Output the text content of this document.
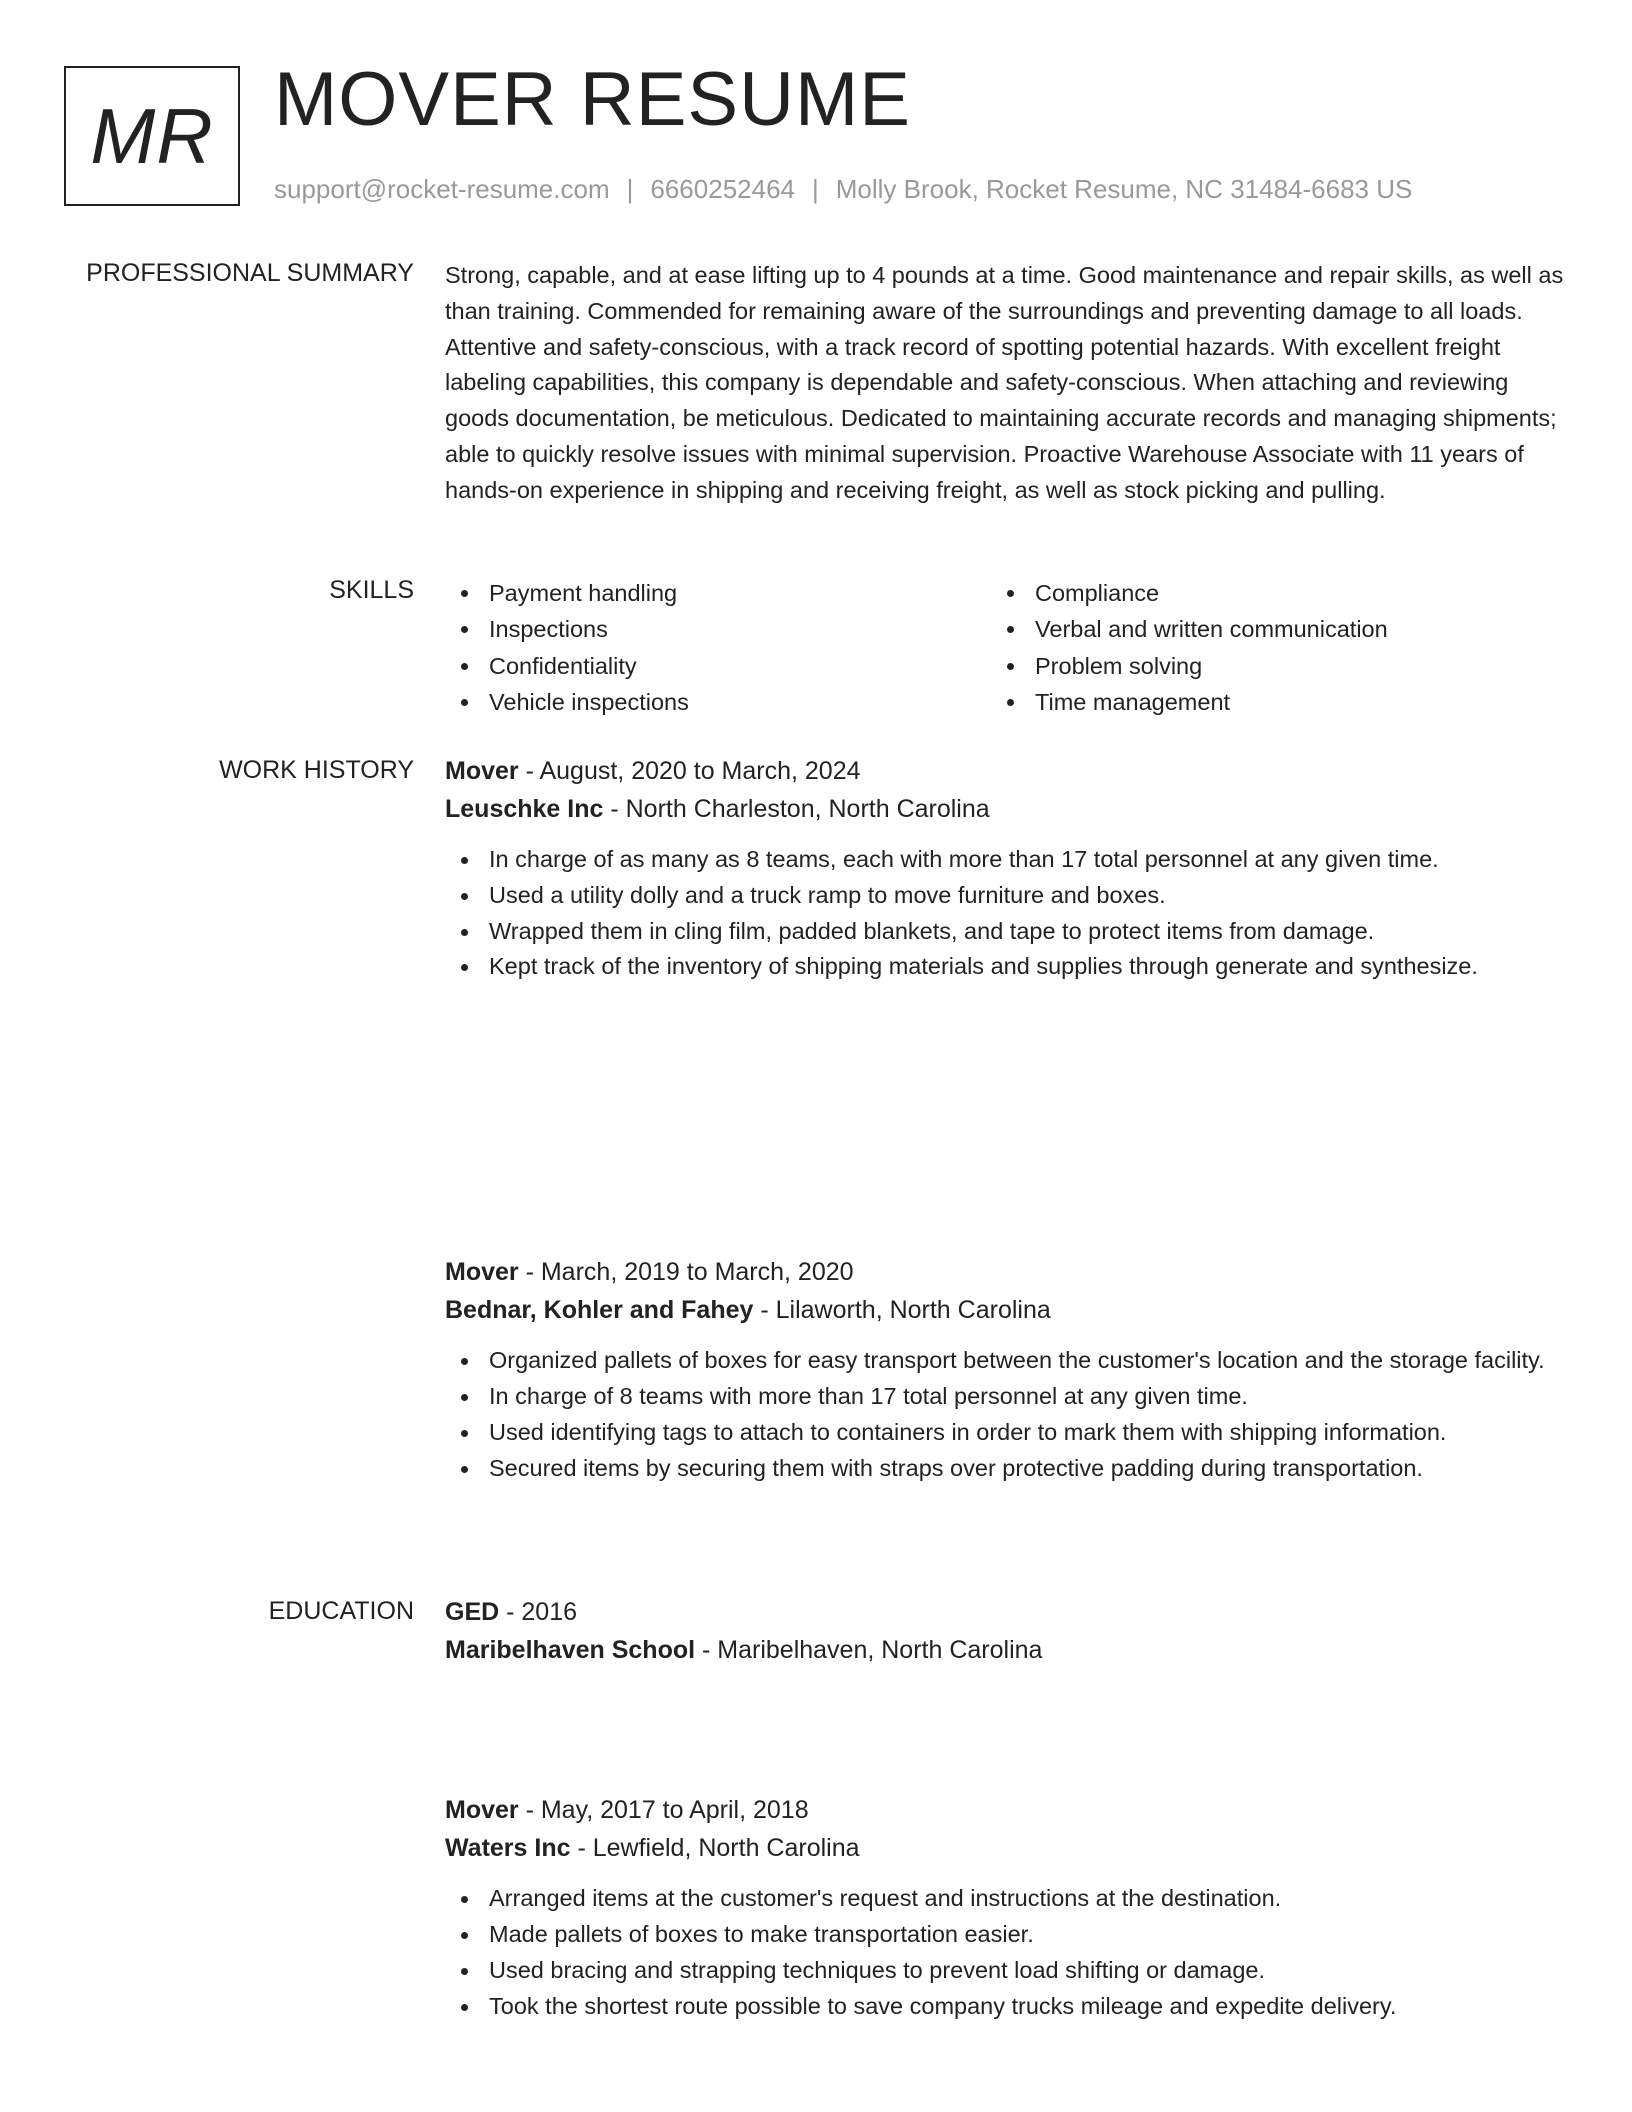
MR MOVER RESUME
support@rocket-resume.com | 6660252464 | Molly Brook, Rocket Resume, NC 31484-6683 US
PROFESSIONAL SUMMARY Strong, capable, and at ease lifting up to 4 pounds at a time. Good maintenance and repair skills, as well as than training. Commended for remaining aware of the surroundings and preventing damage to all loads. Attentive and safety-conscious, with a track record of spotting potential hazards. With excellent freight labeling capabilities, this company is dependable and safety-conscious. When attaching and reviewing goods documentation, be meticulous. Dedicated to maintaining accurate records and managing shipments; able to quickly resolve issues with minimal supervision. Proactive Warehouse Associate with 11 years of hands-on experience in shipping and receiving freight, as well as stock picking and pulling.

SKILLS	Payment handling
Inspections
Confidentiality
Vehicle inspections
Compliance
Verbal and written communication
Problem solving
Time management
WORK HISTORY Mover - August, 2020 to March, 2024
Leuschke Inc - North Charleston, North Carolina
In charge of as many as 8 teams, each with more than 17 total personnel at any given time.
Used a utility dolly and a truck ramp to move furniture and boxes.
Wrapped them in cling film, padded blankets, and tape to protect items from damage.
Kept track of the inventory of shipping materials and supplies through generate and synthesize.
Mover - March, 2019 to March, 2020
Bednar, Kohler and Fahey - Lilaworth, North Carolina
Organized pallets of boxes for easy transport between the customer's location and the storage facility.
In charge of 8 teams with more than 17 total personnel at any given time.
Used identifying tags to attach to containers in order to mark them with shipping information.
Secured items by securing them with straps over protective padding during transportation.
Mover - May, 2017 to April, 2018
Waters Inc - Lewfield, North Carolina
Arranged items at the customer's request and instructions at the destination.
Made pallets of boxes to make transportation easier.
Used bracing and strapping techniques to prevent load shifting or damage.
Took the shortest route possible to save company trucks mileage and expedite delivery.
EDUCATION GED - 2016
Maribelhaven School - Maribelhaven, North Carolina
